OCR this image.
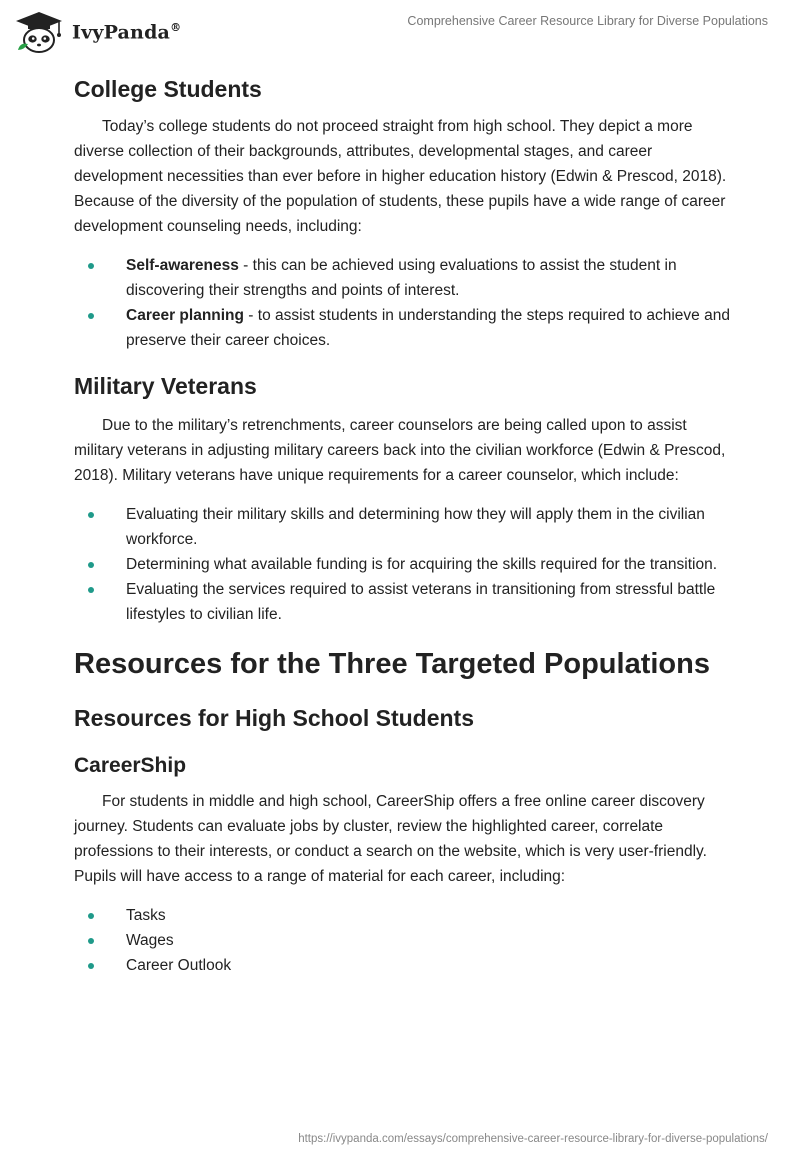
IvyPanda®	Comprehensive Career Resource Library for Diverse Populations
College Students

Today’s college students do not proceed straight from high school. They depict a more diverse collection of their backgrounds, attributes, developmental stages, and career development necessities than ever before in higher education history (Edwin & Prescod, 2018). Because of the diversity of the population of students, these pupils have a wide range of career development counseling needs, including:

Self-awareness - this can be achieved using evaluations to assist the student in discovering their strengths and points of interest.
Career planning - to assist students in understanding the steps required to achieve and preserve their career choices.
Military Veterans

Due to the military’s retrenchments, career counselors are being called upon to assist military veterans in adjusting military careers back into the civilian workforce (Edwin & Prescod, 2018). Military veterans have unique requirements for a career counselor, which include:

Evaluating their military skills and determining how they will apply them in the civilian workforce.
Determining what available funding is for acquiring the skills required for the transition.
Evaluating the services required to assist veterans in transitioning from stressful battle lifestyles to civilian life.
Resources for the Three Targeted Populations
Resources for High School Students
CareerShip

For students in middle and high school, CareerShip offers a free online career discovery journey. Students can evaluate jobs by cluster, review the highlighted career, correlate professions to their interests, or conduct a search on the website, which is very user-friendly. Pupils will have access to a range of material for each career, including:

Tasks
Wages
Career Outlook
https://ivypanda.com/essays/comprehensive-career-resource-library-for-diverse-populations/
